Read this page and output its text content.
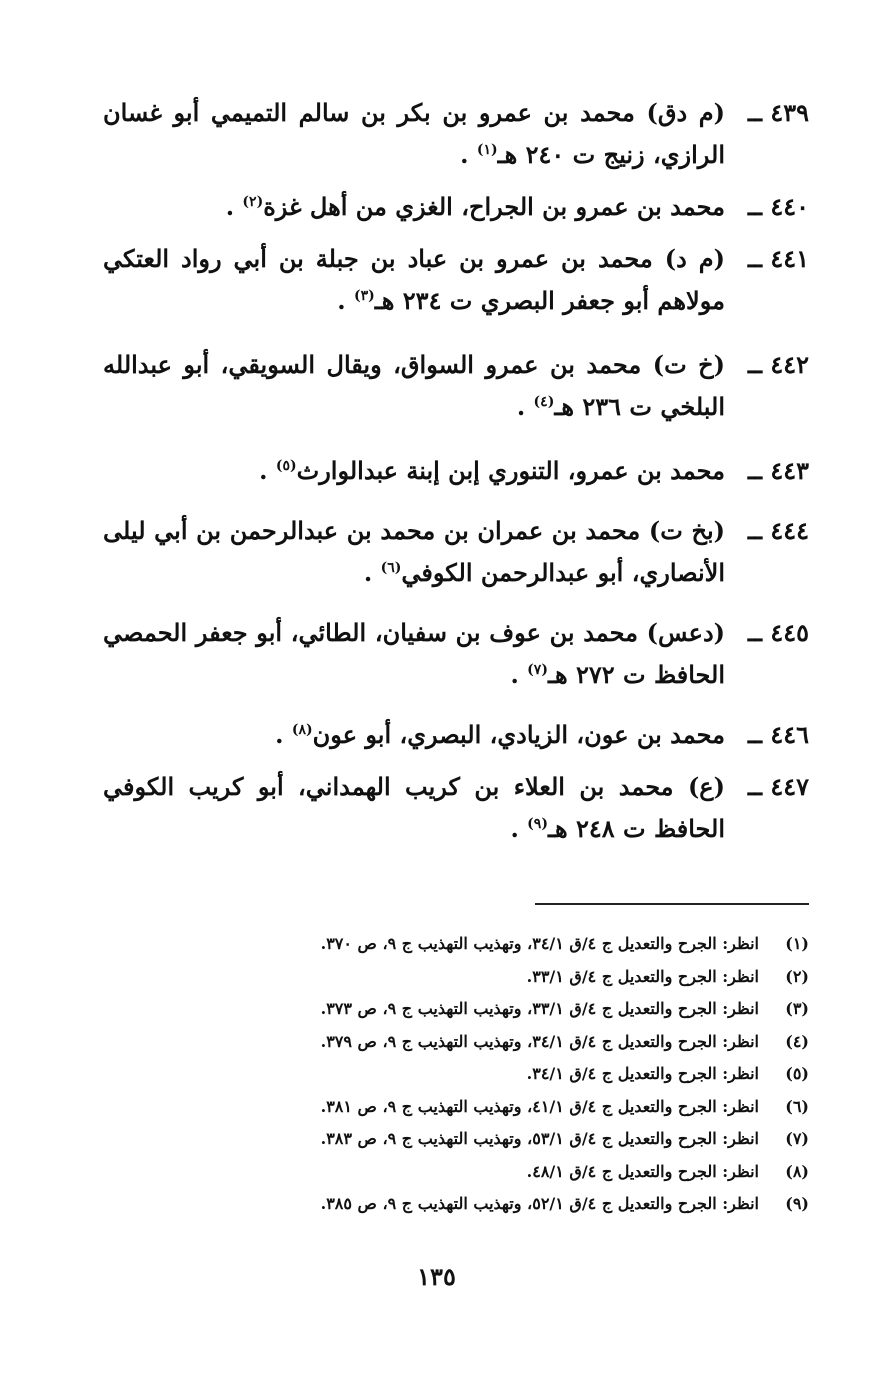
٤٣٩ ــ
(م دق) محمد بن عمرو بن بكر بن سالم التميمي أبو غسان الرازي، زنيج ت ٢٤٠ هـ$^{(١)}$ .
٤٤٠ ــ
محمد بن عمرو بن الجراح، الغزي من أهل غزة$^{(٢)}$ .
٤٤١ ــ
(م د) محمد بن عمرو بن عباد بن جبلة بن أبي رواد العتكي مولاهم أبو جعفر البصري ت ٢٣٤ هـ$^{(٣)}$ .
٤٤٢ ــ
(خ ت) محمد بن عمرو السواق، ويقال السويقي، أبو عبدالله البلخي ت ٢٣٦ هـ$^{(٤)}$ .
٤٤٣ ــ
محمد بن عمرو، التنوري إبن إبنة عبدالوارث$^{(٥)}$ .
٤٤٤ ــ
(بخ ت) محمد بن عمران بن محمد بن عبدالرحمن بن أبي ليلى الأنصاري، أبو عبدالرحمن الكوفي$^{(٦)}$ .
٤٤٥ ــ
(دعس) محمد بن عوف بن سفيان، الطائي، أبو جعفر الحمصي الحافظ ت ٢٧٢ هـ$^{(٧)}$ .
٤٤٦ ــ
محمد بن عون، الزيادي، البصري، أبو عون$^{(٨)}$ .
٤٤٧ ــ
(ع) محمد بن العلاء بن كريب الهمداني، أبو كريب الكوفي الحافظ ت ٢٤٨ هـ$^{(٩)}$ .
(١)
انظر: الجرح والتعديل ج ٤/ق ٣٤/١، وتهذيب التهذيب ج ٩، ص ٣٧٠.
(٢)
انظر: الجرح والتعديل ج ٤/ق ٣٣/١.
(٣)
انظر: الجرح والتعديل ج ٤/ق ٣٣/١، وتهذيب التهذيب ج ٩، ص ٣٧٣.
(٤)
انظر: الجرح والتعديل ج ٤/ق ٣٤/١، وتهذيب التهذيب ج ٩، ص ٣٧٩.
(٥)
انظر: الجرح والتعديل ج ٤/ق ٣٤/١.
(٦)
انظر: الجرح والتعديل ج ٤/ق ٤١/١، وتهذيب التهذيب ج ٩، ص ٣٨١.
(٧)
انظر: الجرح والتعديل ج ٤/ق ٥٣/١، وتهذيب التهذيب ج ٩، ص ٣٨٣.
(٨)
انظر: الجرح والتعديل ج ٤/ق ٤٨/١.
(٩)
انظر: الجرح والتعديل ج ٤/ق ٥٢/١، وتهذيب التهذيب ج ٩، ص ٣٨٥.
١٣٥
